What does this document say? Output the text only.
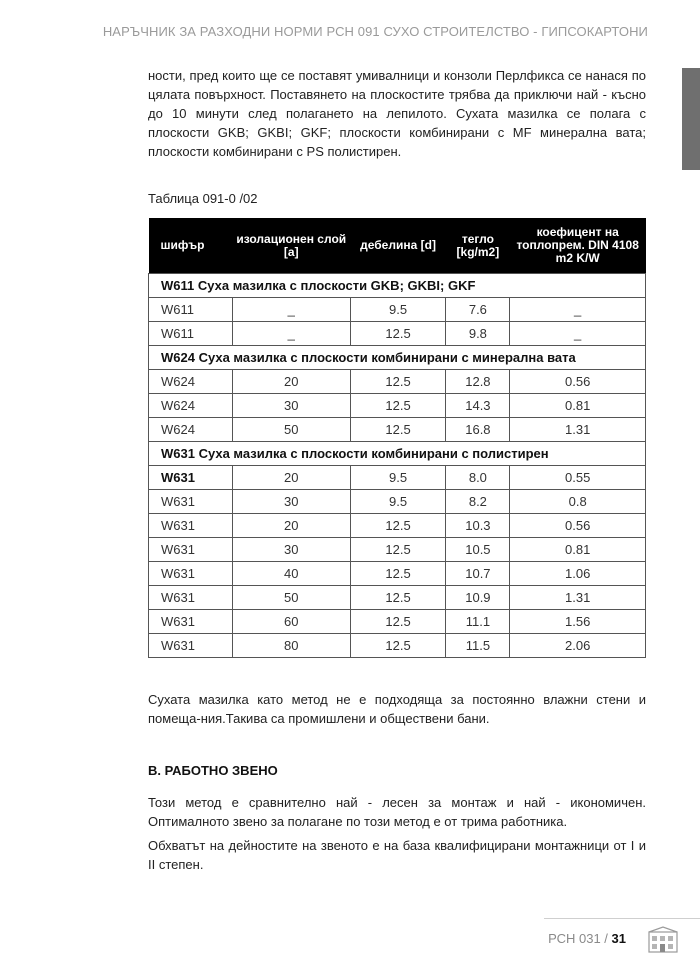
НАРЪЧНИК ЗА РАЗХОДНИ НОРМИ РСН 091 СУХО СТРОИТЕЛСТВО - ГИПСОКАРТОНИ

ности, пред които ще се поставят умивалници и конзоли Перлфикса се нанася по цялата повърхност. Поставянето на плоскостите трябва да приключи най - късно до 10 минути след полагането на лепилото. Сухата мазилка се полага с плоскости GKB; GKBI; GKF; плоскости комбинирани с MF минерална вата; плоскости комбинирани с PS полистирен.

Таблица 091-0 /02

шифър	изолационен слой [a]	дебелина [d]	тегло [kg/m2]	коефицент на топлопрем. DIN 4108 m2 K/W
W611 Суха мазилка с плоскости GKB; GKBI; GKF				
W611	_	9.5	7.6	_
W611	_	12.5	9.8	_
W624 Суха мазилка с плоскости комбинирани с минерална вата				
W624	20	12.5	12.8	0.56
W624	30	12.5	14.3	0.81
W624	50	12.5	16.8	1.31
W631 Суха мазилка с плоскости комбинирани с полистирен				
W631	20	9.5	8.0	0.55
W631	30	9.5	8.2	0.8
W631	20	12.5	10.3	0.56
W631	30	12.5	10.5	0.81
W631	40	12.5	10.7	1.06
W631	50	12.5	10.9	1.31
W631	60	12.5	11.1	1.56
W631	80	12.5	11.5	2.06

Сухата мазилка като метод не е подходяща за постоянно влажни стени и помеща-ния.Такива са промишлени и обществени бани.

B. РАБОТНО ЗВЕНО

Този метод е сравнително най - лесен за монтаж и най - икономичен. Оптималното звено за полагане по този метод е от трима работника.

Обхватът на дейностите на звеното е на база квалифицирани монтажници от I и II степен.

РСН 031 / 31
